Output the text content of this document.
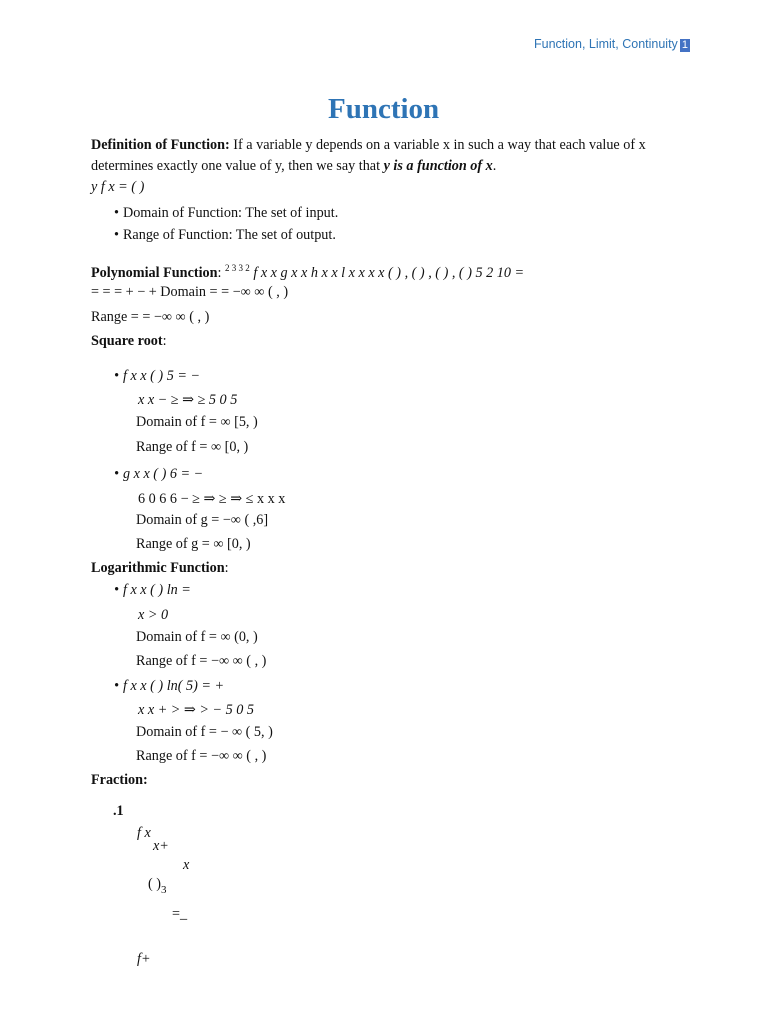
Function, Limit, Continuity 1
Function
Definition of Function: If a variable y depends on a variable x in such a way that each value of x
determines exactly one value of y, then we say that y is a function of x.
y f x = ( )
• Domain of Function: The set of input.
• Range of Function: The set of output.
Polynomial Function: $^{2 3 3 2}$ f x x g x x h x x l x x x x ( ) , ( ) , ( ) , ( ) 5 2 10 =
= = = + − + Domain = = −∞ ∞ ( , )
Range = = −∞ ∞ ( , )
Square root:
• f x x ( ) 5 = −
x x − ≥ ⇒ ≥ 5 0 5
Domain of f = ∞ [5, )
Range of f = ∞ [0, )
• g x x ( ) 6 = −
6 0 6 6 − ≥ ⇒ ≥ ⇒ ≤ x x x
Domain of g = −∞ ( ,6]
Range of g = ∞ [0, )
Logarithmic Function:
• f x x ( ) ln =
x > 0
Domain of f = ∞ (0, )
Range of f = −∞ ∞ ( , )
• f x x ( ) ln( 5) = +
x x + > ⇒ > − 5 0 5
Domain of f = − ∞ ( 5, )
Range of f = −∞ ∞ ( , )
Fraction:
.1
f x
x+
x
( )$_3$
=_
f+
